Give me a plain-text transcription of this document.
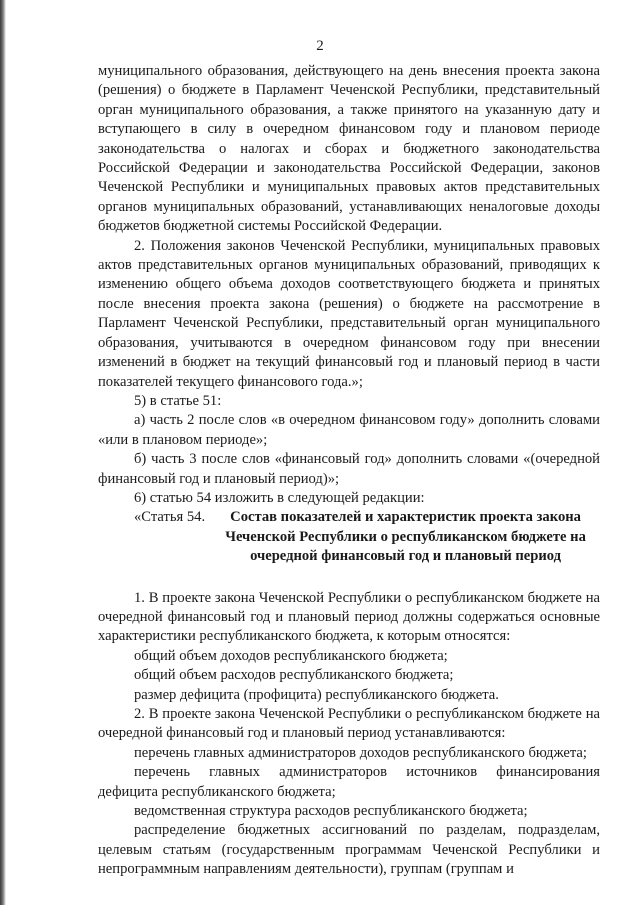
2

муниципального образования, действующего на день внесения проекта закона (решения) о бюджете в Парламент Чеченской Республики, представительный орган муниципального образования, а также принятого на указанную дату и вступающего в силу в очередном финансовом году и плановом периоде законодательства о налогах и сборах и бюджетного законодательства Российской Федерации и законодательства Российской Федерации, законов Чеченской Республики и муниципальных правовых актов представительных органов муниципальных образований, устанавливающих неналоговые доходы бюджетов бюджетной системы Российской Федерации.

2. Положения законов Чеченской Республики, муниципальных правовых актов представительных органов муниципальных образований, приводящих к изменению общего объема доходов соответствующего бюджета и принятых после внесения проекта закона (решения) о бюджете на рассмотрение в Парламент Чеченской Республики, представительный орган муниципального образования, учитываются в очередном финансовом году при внесении изменений в бюджет на текущий финансовый год и плановый период в части показателей текущего финансового года.»;

5) в статье 51:

а) часть 2 после слов «в очередном финансовом году» дополнить словами «или в плановом периоде»;

б) часть 3 после слов «финансовый год» дополнить словами «(очередной финансовый год и плановый период)»;

6) статью 54 изложить в следующей редакции:

«Статья 54.	Состав показателей и характеристик проекта закона Чеченской Республики о республиканском бюджете на очередной финансовый год и плановый период

1. В проекте закона Чеченской Республики о республиканском бюджете на очередной финансовый год и плановый период должны содержаться основные характеристики республиканского бюджета, к которым относятся:

общий объем доходов республиканского бюджета;

общий объем расходов республиканского бюджета;

размер дефицита (профицита) республиканского бюджета.

2. В проекте закона Чеченской Республики о республиканском бюджете на очередной финансовый год и плановый период устанавливаются:

перечень главных администраторов доходов республиканского бюджета;

перечень главных администраторов источников финансирования дефицита республиканского бюджета;

ведомственная структура расходов республиканского бюджета;

распределение бюджетных ассигнований по разделам, подразделам, целевым статьям (государственным программам Чеченской Республики и непрограммным направлениям деятельности), группам (группам и
